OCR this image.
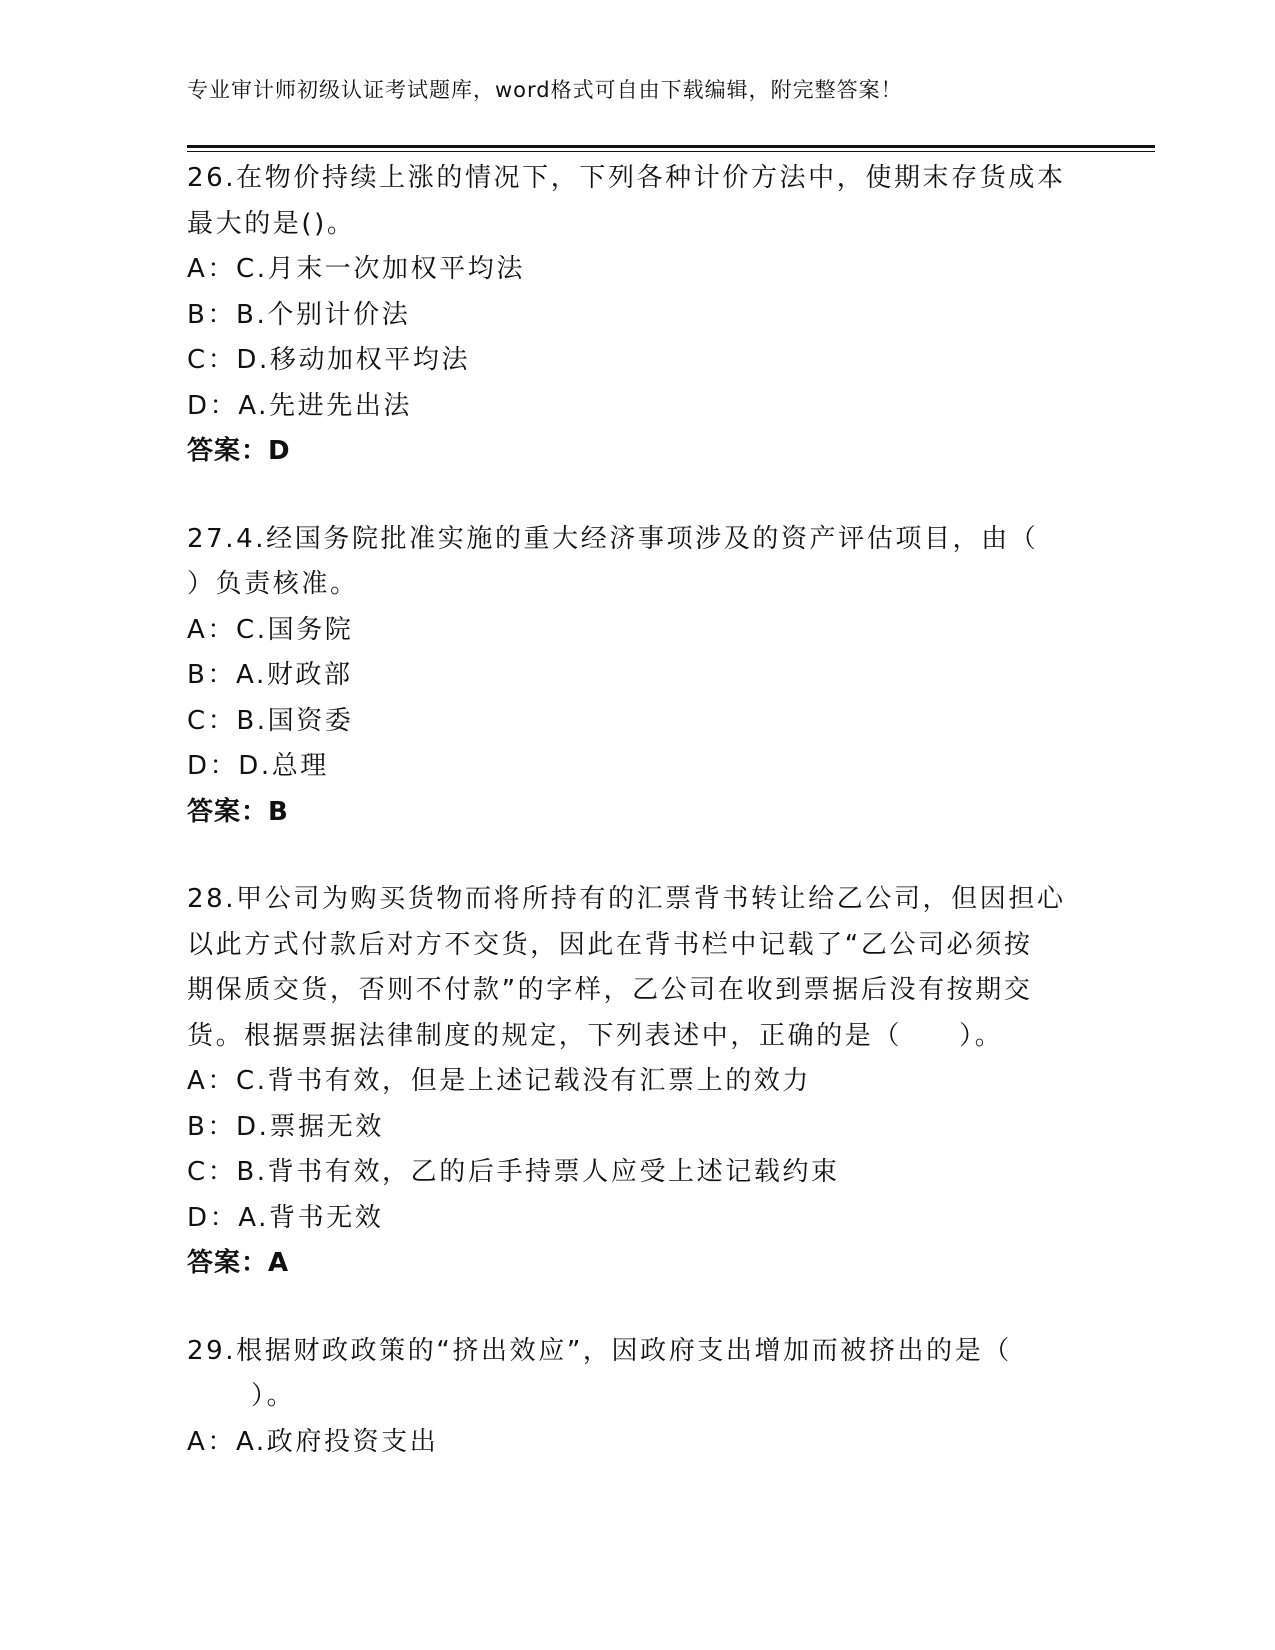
专业审计师初级认证考试题库，word格式可自由下载编辑，附完整答案！
26.在物价持续上涨的情况下，下列各种计价方法中，使期末存货成本
最大的是()。
A：C.月末一次加权平均法
B：B.个别计价法
C：D.移动加权平均法
D：A.先进先出法
答案：D
27.4.经国务院批准实施的重大经济事项涉及的资产评估项目，由（
）负责核准。
A：C.国务院
B：A.财政部
C：B.国资委
D：D.总理
答案：B
28.甲公司为购买货物而将所持有的汇票背书转让给乙公司，但因担心
以此方式付款后对方不交货，因此在背书栏中记载了“乙公司必须按
期保质交货，否则不付款”的字样，乙公司在收到票据后没有按期交
货。根据票据法律制度的规定，下列表述中，正确的是（　　）。
A：C.背书有效，但是上述记载没有汇票上的效力
B：D.票据无效
C：B.背书有效，乙的后手持票人应受上述记载约束
D：A.背书无效
答案：A
29.根据财政政策的“挤出效应”，因政府支出增加而被挤出的是（
）。
A：A.政府投资支出
